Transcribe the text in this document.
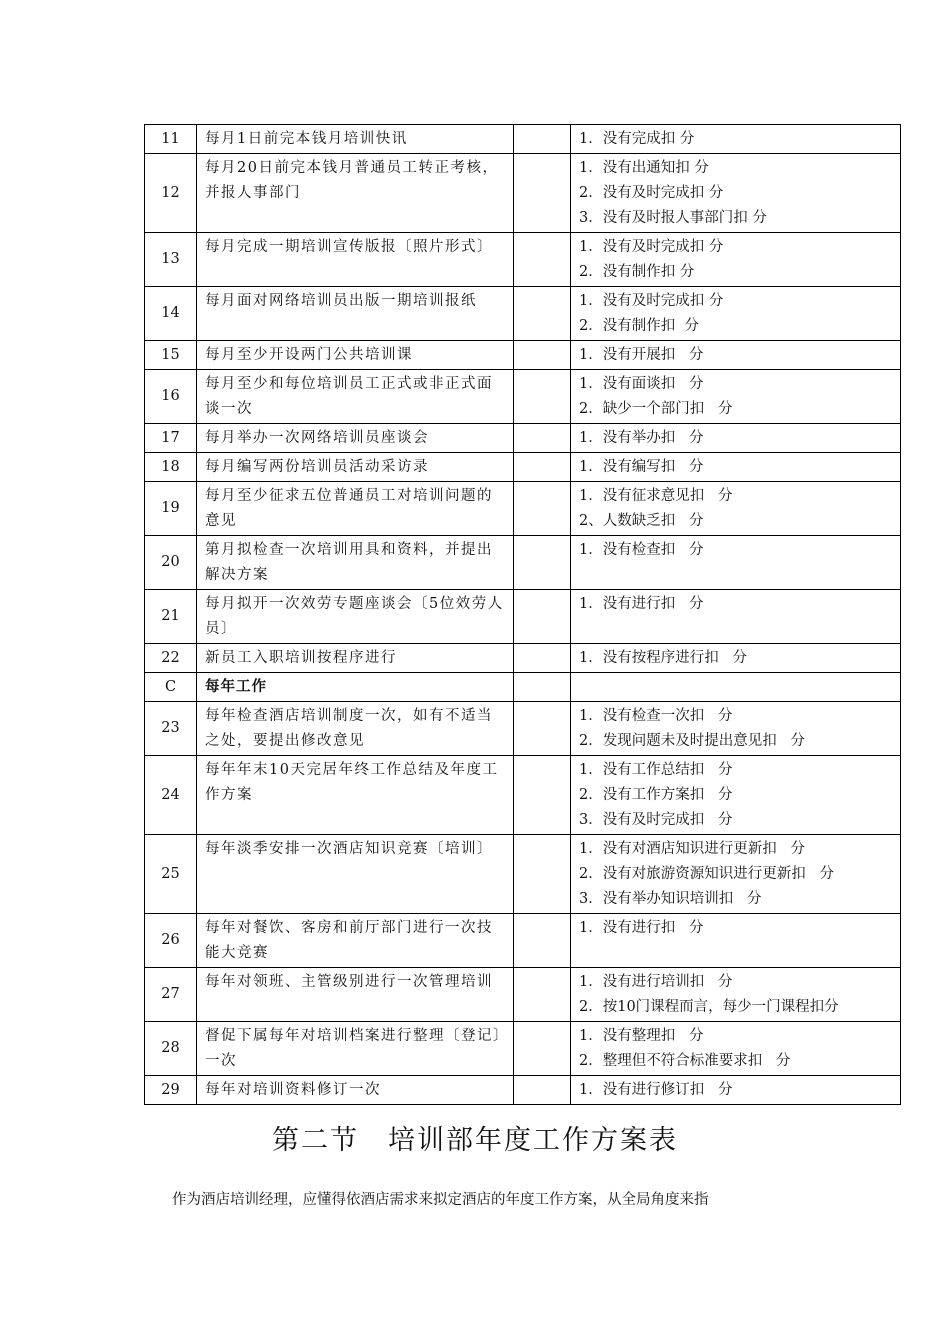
11	每月1日前完本钱月培训快讯		1．没有完成扣 分

12	每月20日前完本钱月普通员工转正考核，并报人事部门		1．没有出通知扣 分
2．没有及时完成扣 分
3．没有及时报人事部门扣 分

13	每月完成一期培训宣传版报〔照片形式〕		1．没有及时完成扣 分
2．没有制作扣 分

14	每月面对网络培训员出版一期培训报纸		1．没有及时完成扣 分
2．没有制作扣  分

15	每月至少开设两门公共培训课		1．没有开展扣   分

16	每月至少和每位培训员工正式或非正式面谈一次		1．没有面谈扣   分
2．缺少一个部门扣   分

17	每月举办一次网络培训员座谈会		1．没有举办扣   分

18	每月编写两份培训员活动采访录		1．没有编写扣   分

19	每月至少征求五位普通员工对培训问题的意见		1．没有征求意见扣   分
2、人数缺乏扣   分

20	第月拟检查一次培训用具和资料，并提出解决方案		1．没有检查扣   分

21	每月拟开一次效劳专题座谈会〔5位效劳人员〕		1．没有进行扣   分

22	新员工入职培训按程序进行		1．没有按程序进行扣   分

C	每年工作		
23	每年检查酒店培训制度一次，如有不适当之处，要提出修改意见		1．没有检查一次扣   分
2．发现问题未及时提出意见扣   分

24	每年年末10天完居年终工作总结及年度工作方案		1．没有工作总结扣   分
2．没有工作方案扣   分
3．没有及时完成扣   分

25	每年淡季安排一次酒店知识竞赛〔培训〕		1．没有对酒店知识进行更新扣   分
2．没有对旅游资源知识进行更新扣   分
3．没有举办知识培训扣   分

26	每年对餐饮、客房和前厅部门进行一次技能大竞赛		1．没有进行扣   分

27	每年对领班、主管级别进行一次管理培训		1．没有进行培训扣   分
2．按10门课程而言，每少一门课程扣分

28	督促下属每年对培训档案进行整理〔登记〕一次		1．没有整理扣   分
2．整理但不符合标准要求扣   分

29	每年对培训资料修订一次		1．没有进行修订扣   分
第二节　培训部年度工作方案表
作为酒店培训经理，应懂得依酒店需求来拟定酒店的年度工作方案，从全局角度来指
